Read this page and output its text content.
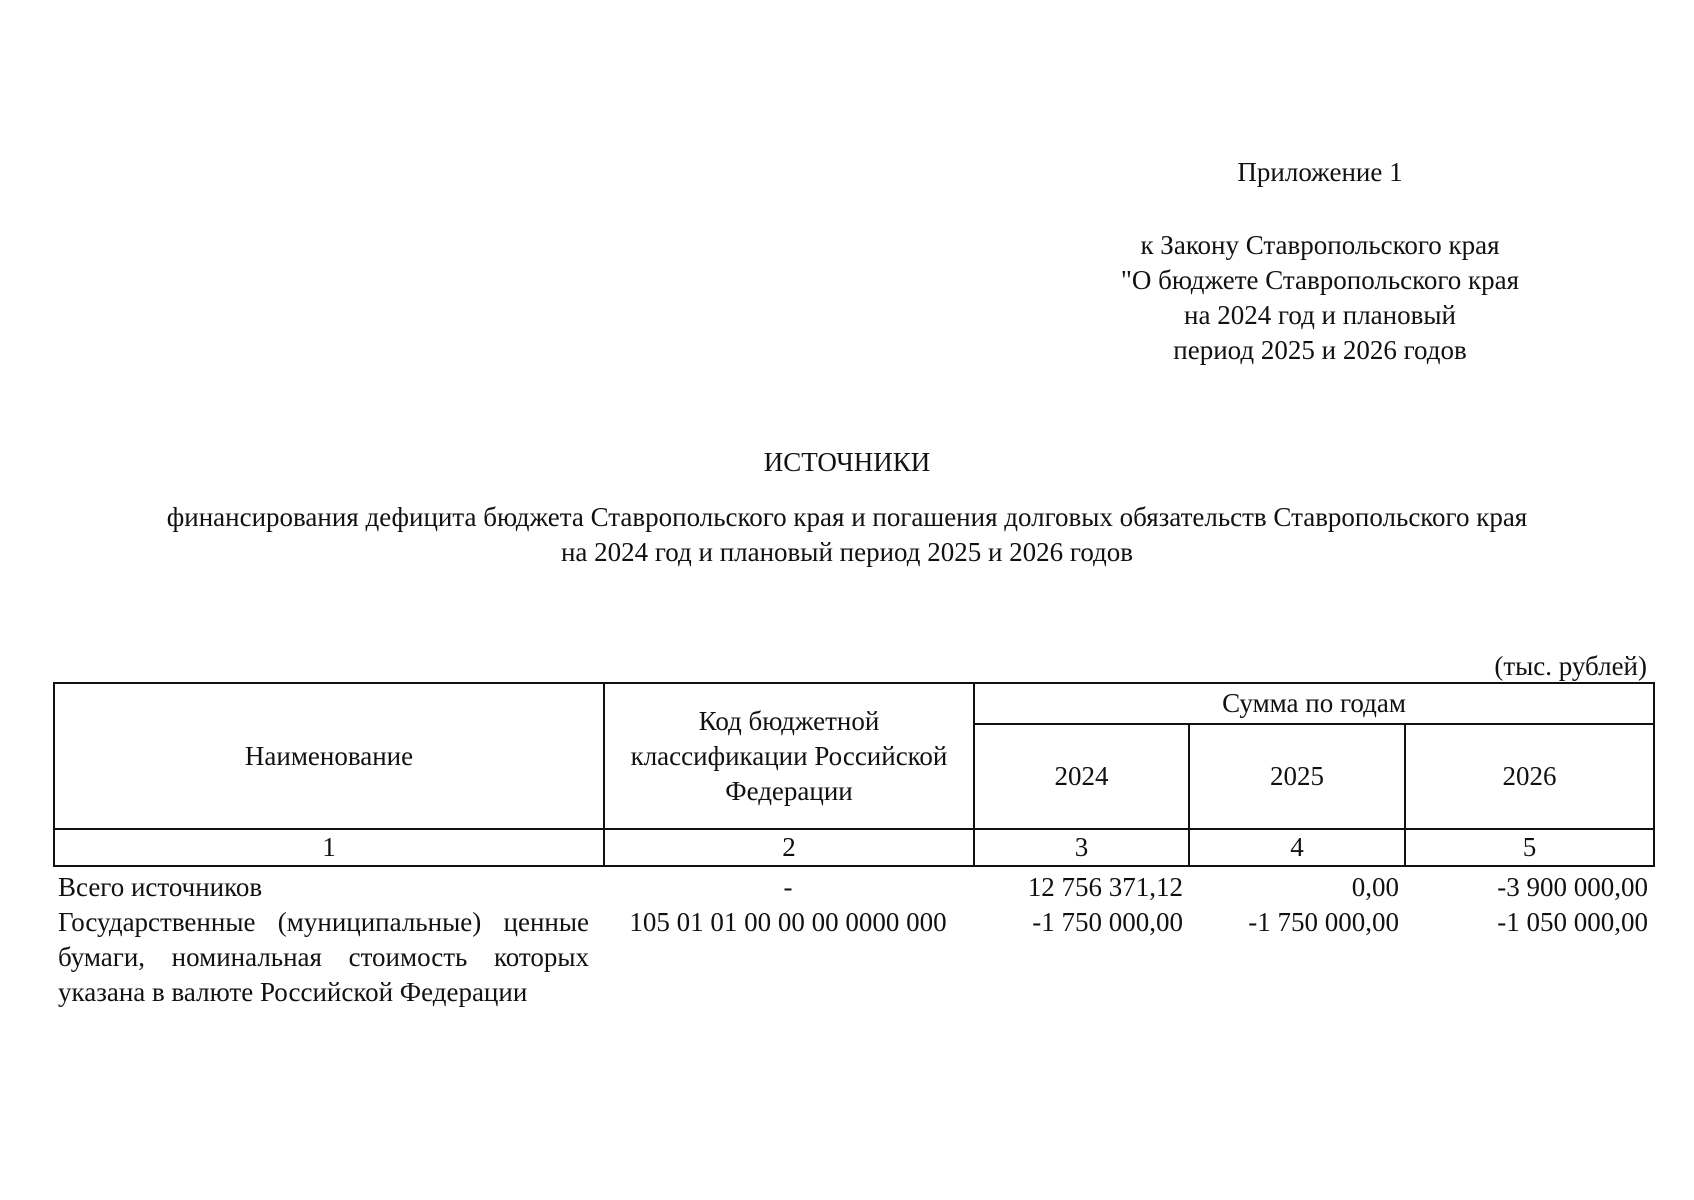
Приложение 1
к Закону Ставропольского края
"О бюджете Ставропольского края
на 2024 год и плановый
период 2025 и 2026 годов
ИСТОЧНИКИ
финансирования дефицита бюджета Ставропольского края и погашения долговых обязательств Ставропольского края
на 2024 год и плановый период 2025 и 2026 годов
(тыс. рублей)
Наименование	Код бюджетной классификации Российской Федерации	Сумма по годам		
		2024	2025	2026
1	2	3	4	5
Всего источников	-	12 756 371,12	0,00	-3 900 000,00
Государственные (муниципальные) ценные бумаги, номинальная стоимость которых указана в валюте Российской Федерации	105 01 01 00 00 00 0000 000	-1 750 000,00	-1 750 000,00	-1 050 000,00
